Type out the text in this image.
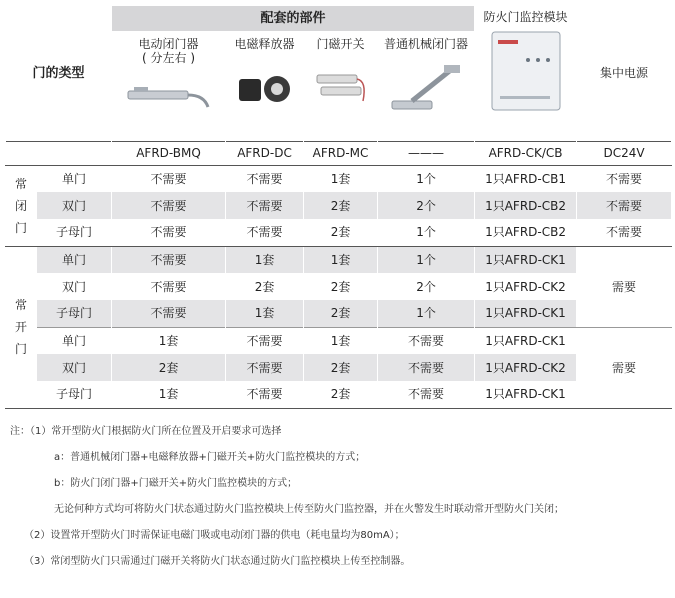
门的类型		配套的部件				防火门监控模块	集中电源

		电动闭门器
( 分左右 )	电磁释放器	门磁开关	普通机械闭门器		

		AFRD-BMQ	AFRD-DC	AFRD-MC	———	AFRD-CK/CB	DC24V
常闭门	单门	不需要	不需要	1套	1个	1只AFRD-CB1	不需要
	双门	不需要	不需要	2套	2个	1只AFRD-CB2	不需要
	子母门	不需要	不需要	2套	1个	1只AFRD-CB2	不需要
常开门	单门	不需要	1套	1套	1个	1只AFRD-CK1	需要
	双门	不需要	2套	2套	2个	1只AFRD-CK2	
	子母门	不需要	1套	2套	1个	1只AFRD-CK1	
	单门	1套	不需要	1套	不需要	1只AFRD-CK1	需要
	双门	2套	不需要	2套	不需要	1只AFRD-CK2	
	子母门	1套	不需要	2套	不需要	1只AFRD-CK1	
注：（1）常开型防火门根据防火门所在位置及开启要求可选择
a：普通机械闭门器+电磁释放器+门磁开关+防火门监控模块的方式；
b：防火门闭门器+门磁开关+防火门监控模块的方式；
无论何种方式均可将防火门状态通过防火门监控模块上传至防火门监控器，并在火警发生时联动常开型防火门关闭；
（2）设置常开型防火门时需保证电磁门吸或电动闭门器的供电（耗电量均为80mA）；
（3）常闭型防火门只需通过门磁开关将防火门状态通过防火门监控模块上传至控制器。
